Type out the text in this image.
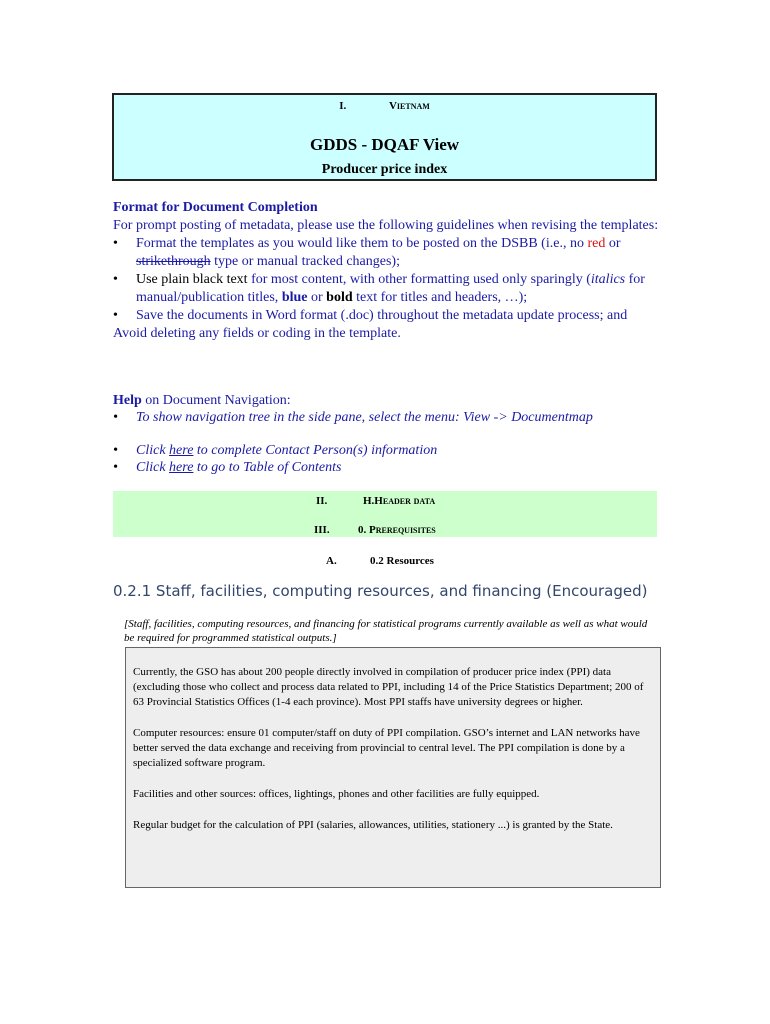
I.	Vietnam
GDDS - DQAF View
Producer price index
Format for Document Completion
For prompt posting of metadata, please use the following guidelines when revising the templates:
• Format the templates as you would like them to be posted on the DSBB (i.e., no red or strikethrough type or manual tracked changes);
• Use plain black text for most content, with other formatting used only sparingly (italics for manual/publication titles, blue or bold text for titles and headers, …);
• Save the documents in Word format (.doc) throughout the metadata update process; and
Avoid deleting any fields or coding in the template.
Help on Document Navigation:
• To show navigation tree in the side pane, select the menu: View -> Documentmap
• Click here to complete Contact Person(s) information
• Click here to go to Table of Contents
II.	H.Header data
III.	0. Prerequisites
A.	0.2 Resources
0.2.1 Staff, facilities, computing resources, and financing (Encouraged)
[Staff, facilities, computing resources, and financing for statistical programs currently available as well as what would be required for programmed statistical outputs.]

Currently, the GSO has about 200 people directly involved in compilation of producer price index (PPI) data (excluding those who collect and process data related to PPI, including 14 of the Price Statistics Department; 200 of 63 Provincial Statistics Offices (1-4 each province). Most PPI staffs have university degrees or higher.

Computer resources: ensure 01 computer/staff on duty of PPI compilation. GSO’s internet and LAN networks have better served the data exchange and receiving from provincial to central level. The PPI compilation is done by a specialized software program.

Facilities and other sources: offices, lightings, phones and other facilities are fully equipped.

Regular budget for the calculation of PPI (salaries, allowances, utilities, stationery ...) is granted by the State.
